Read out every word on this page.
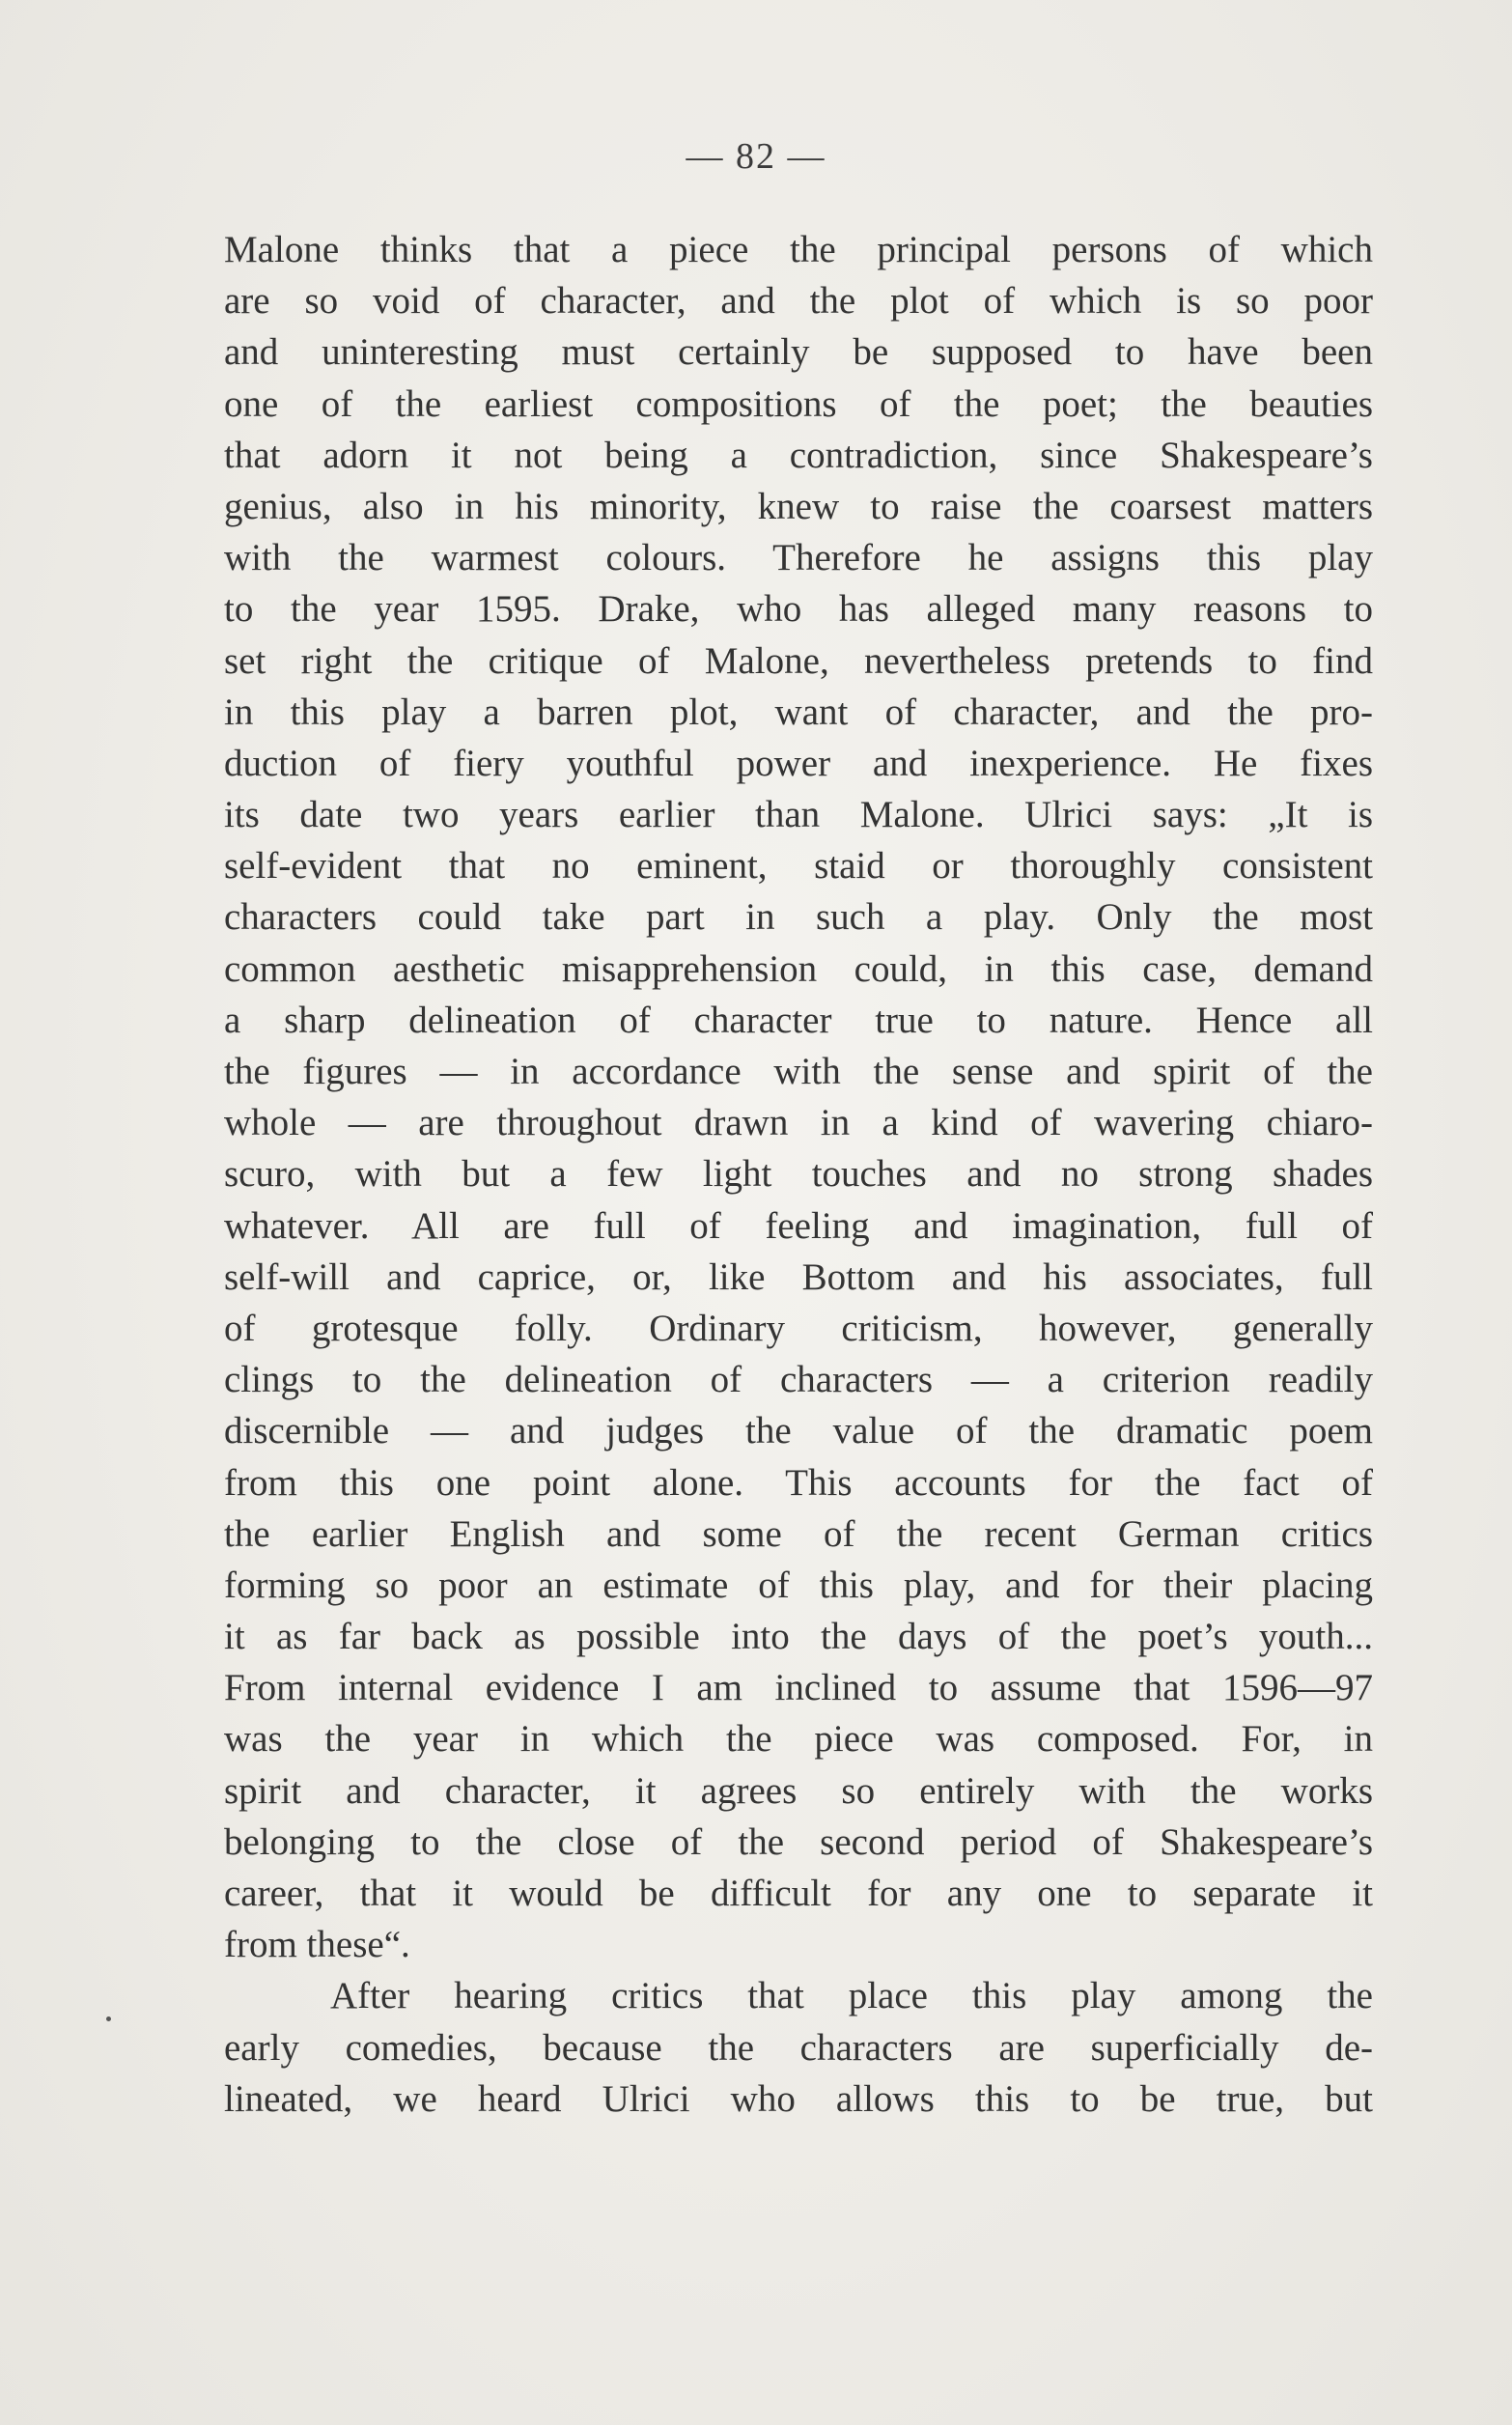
— 82 —
Malone thinks that a piece the principal persons of which
are so void of character, and the plot of which is so poor
and uninteresting must certainly be supposed to have been
one of the earliest compositions of the poet; the beauties
that adorn it not being a contradiction, since Shakespeare’s
genius, also in his minority, knew to raise the coarsest matters
with the warmest colours. Therefore he assigns this play
to the year 1595. Drake, who has alleged many reasons to
set right the critique of Malone, nevertheless pretends to find
in this play a barren plot, want of character, and the pro-
duction of fiery youthful power and inexperience. He fixes
its date two years earlier than Malone. Ulrici says: „It is
self-evident that no eminent, staid or thoroughly consistent
characters could take part in such a play. Only the most
common aesthetic misapprehension could, in this case, demand
a sharp delineation of character true to nature. Hence all
the figures — in accordance with the sense and spirit of the
whole — are throughout drawn in a kind of wavering chiaro-
scuro, with but a few light touches and no strong shades
whatever. All are full of feeling and imagination, full of
self-will and caprice, or, like Bottom and his associates, full
of grotesque folly. Ordinary criticism, however, generally
clings to the delineation of characters — a criterion readily
discernible — and judges the value of the dramatic poem
from this one point alone. This accounts for the fact of
the earlier English and some of the recent German critics
forming so poor an estimate of this play, and for their placing
it as far back as possible into the days of the poet’s youth...
From internal evidence I am inclined to assume that 1596—97
was the year in which the piece was composed. For, in
spirit and character, it agrees so entirely with the works
belonging to the close of the second period of Shakespeare’s
career, that it would be difficult for any one to separate it
from these“.
After hearing critics that place this play among the
early comedies, because the characters are superficially de-
lineated, we heard Ulrici who allows this to be true, but
